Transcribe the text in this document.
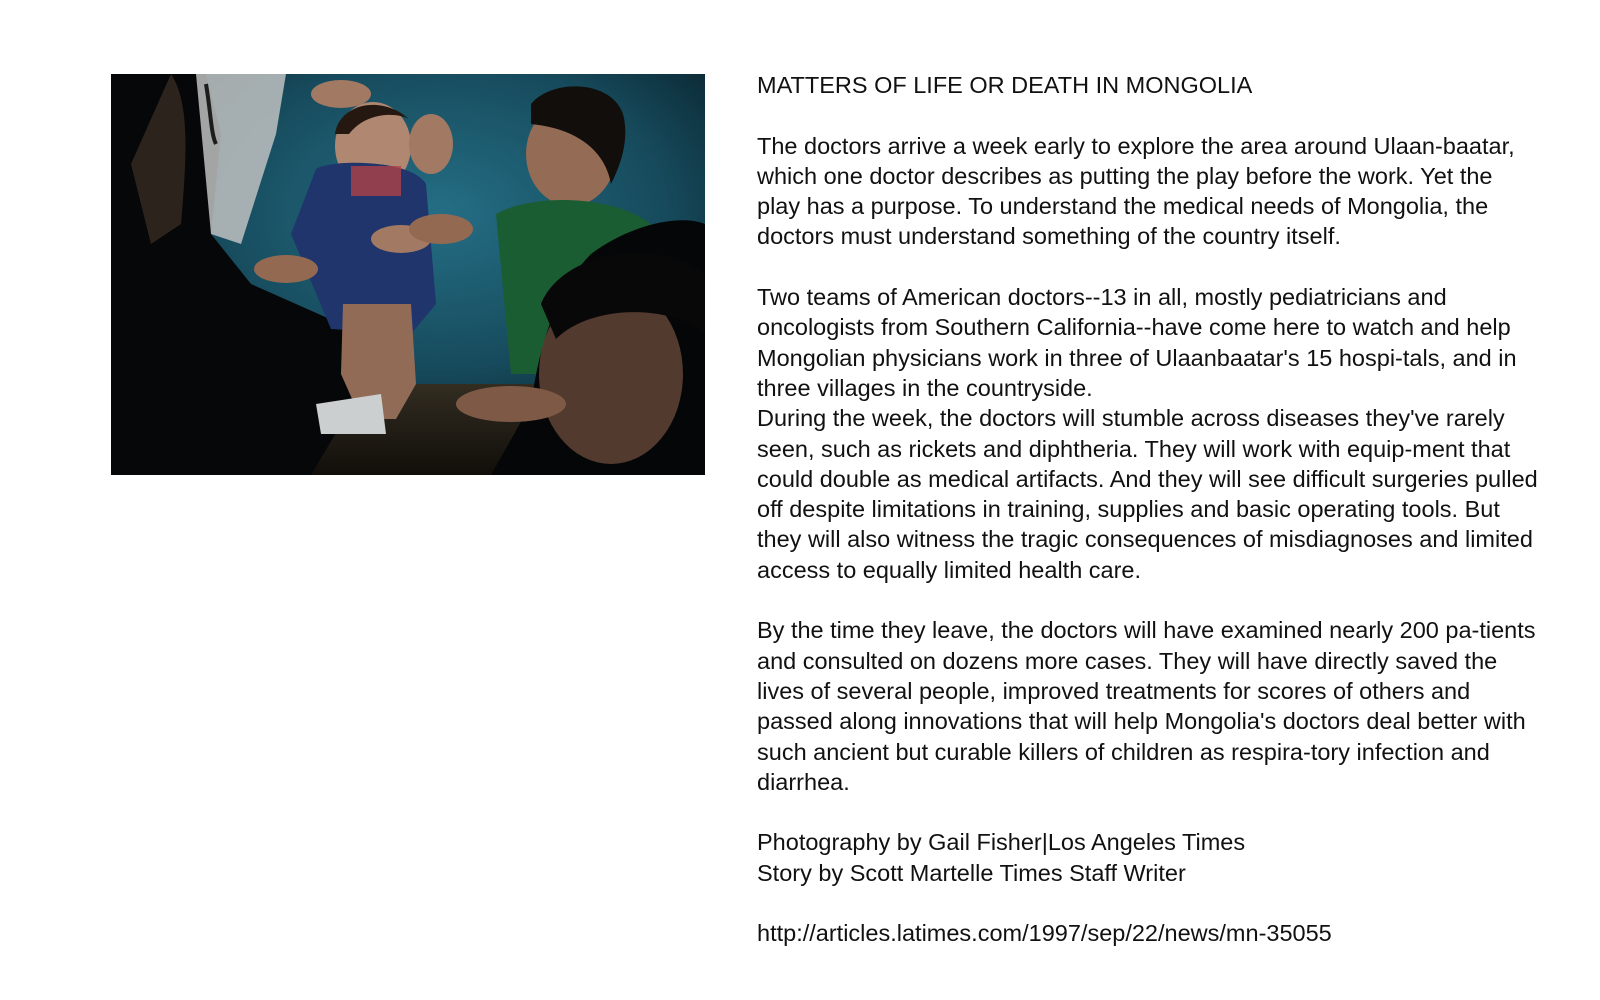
MATTERS OF LIFE OR DEATH IN MONGOLIA

The doctors arrive a week early to explore the area around Ulaan-baatar, which one doctor describes as putting the play before the work. Yet the play has a purpose. To understand the medical needs of Mongolia, the doctors must understand something of the country itself.

Two teams of American doctors--13 in all, mostly pediatricians and oncologists from Southern California--have come here to watch and help Mongolian physicians work in three of Ulaanbaatar's 15 hospi-tals, and in three villages in the countryside.

During the week, the doctors will stumble across diseases they've rarely seen, such as rickets and diphtheria. They will work with equip-ment that could double as medical artifacts. And they will see difficult surgeries pulled off despite limitations in training, supplies and basic operating tools. But they will also witness the tragic consequences of misdiagnoses and limited access to equally limited health care.

By the time they leave, the doctors will have examined nearly 200 pa-tients and consulted on dozens more cases. They will have directly saved the lives of several people, improved treatments for scores of others and passed along innovations that will help Mongolia's doctors deal better with such ancient but curable killers of children as respira-tory infection and diarrhea.

Photography by Gail Fisher|Los Angeles Times
Story by Scott Martelle Times Staff Writer

http://articles.latimes.com/1997/sep/22/news/mn-35055
